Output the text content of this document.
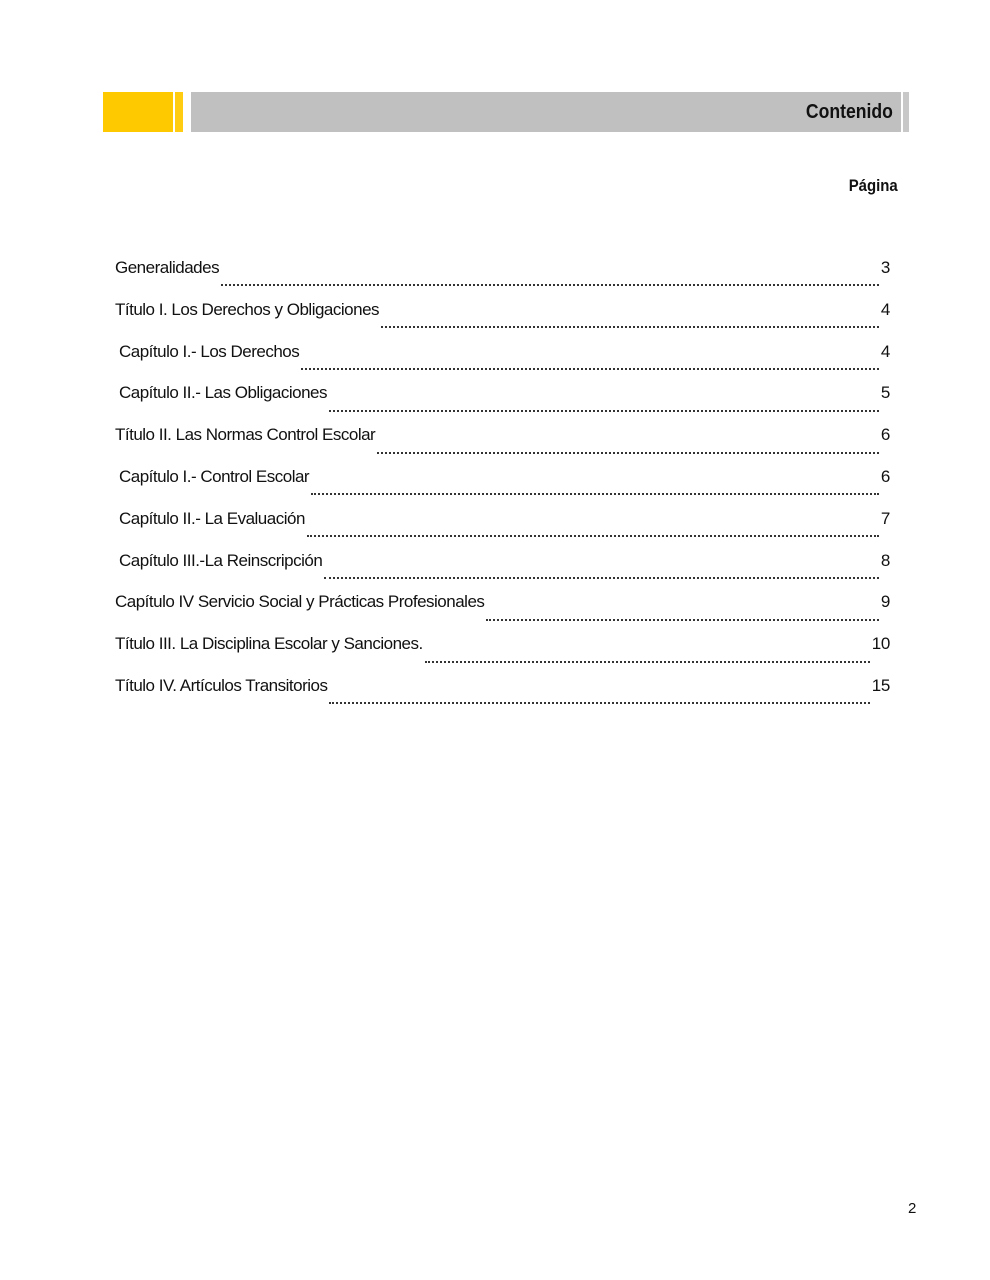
Contenido
Página
Generalidades	3
Título I. Los Derechos y Obligaciones	4
Capítulo I.- Los Derechos	4
Capítulo II.- Las Obligaciones	5
Título II. Las Normas Control Escolar	6
Capítulo I.- Control Escolar	6
Capítulo II.- La Evaluación	7
Capítulo III.-La Reinscripción	8
Capítulo IV Servicio Social y Prácticas Profesionales	9
Título III. La Disciplina Escolar y Sanciones.	10
Título IV. Artículos Transitorios	15
2
